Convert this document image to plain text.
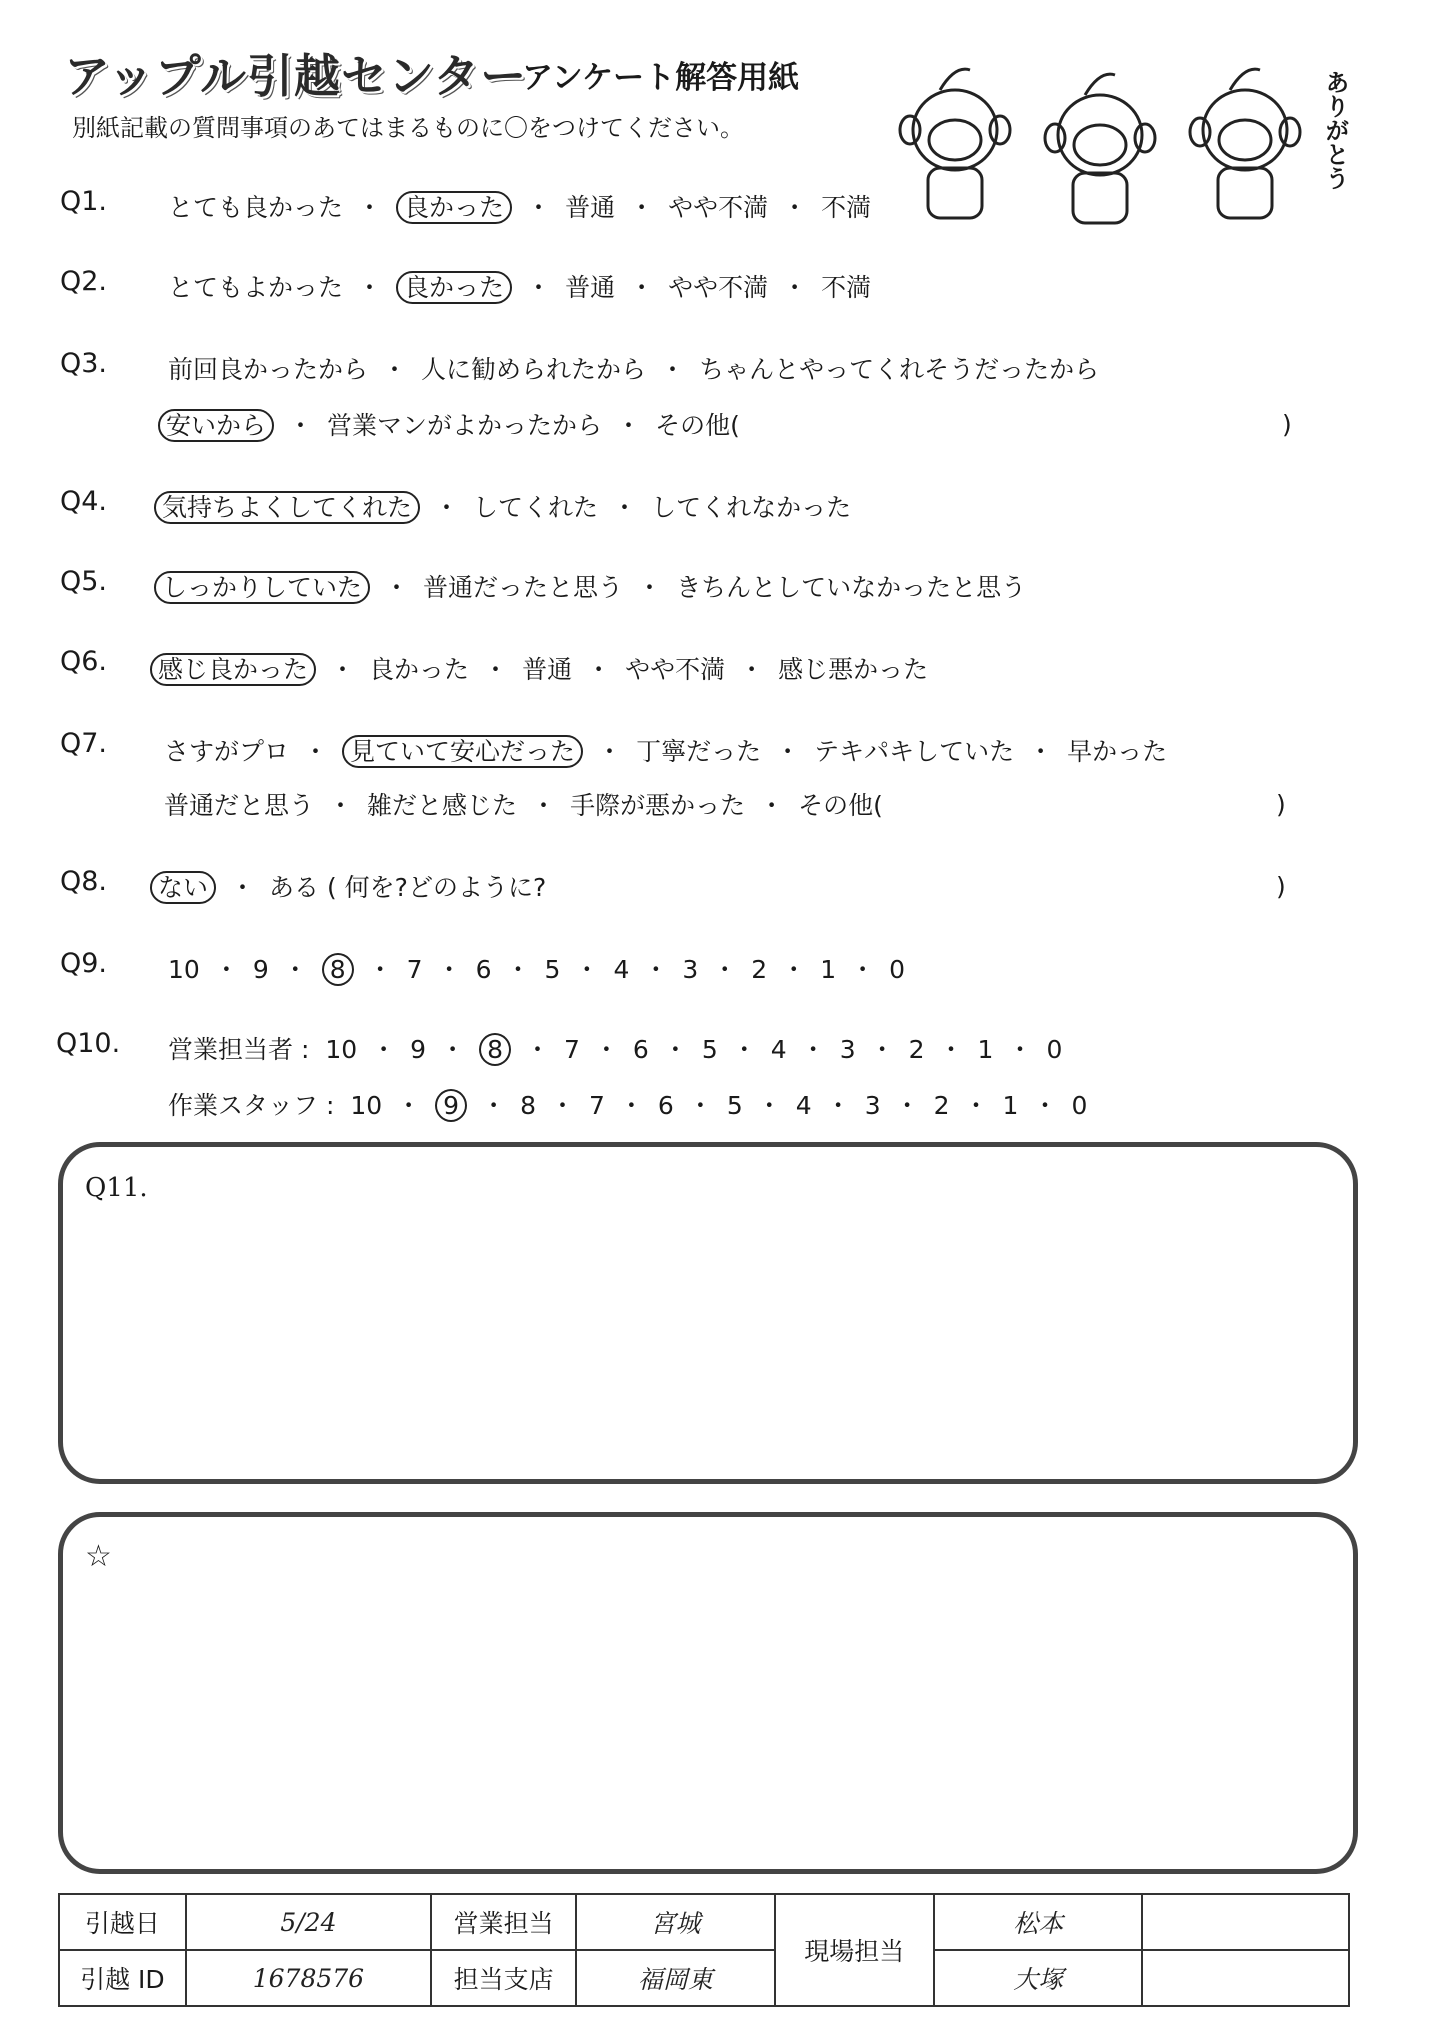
アップル引越センター
アンケート解答用紙
別紙記載の質問事項のあてはまるものに〇をつけてください。	ありがとう
Q1. とても良かった ・ 良かった ・ 普通 ・ やや不満 ・ 不満
Q2. とてもよかった ・ 良かった ・ 普通 ・ やや不満 ・ 不満
Q3. 前回良かったから ・ 人に勧められたから ・ ちゃんとやってくれそうだったから
安いから ・ 営業マンがよかったから ・ その他(	)
Q4.	気持ちよくしてくれた ・ してくれた ・ してくれなかった
Q5.	しっかりしていた ・ 普通だったと思う ・ きちんとしていなかったと思う
Q6.	感じ良かった ・ 良かった ・ 普通 ・ やや不満 ・ 感じ悪かった
Q7. さすがプロ ・ 見ていて安心だった ・ 丁寧だった ・ テキパキしていた ・ 早かった
普通だと思う ・ 雑だと感じた ・ 手際が悪かった ・ その他(	)
Q8.	ない ・ ある ( 何を?どのように?	)
Q9. 10 ・ 9 ・ 8 ・ 7 ・ 6 ・ 5 ・ 4 ・ 3 ・ 2 ・ 1 ・ 0
Q10. 営業担当者 : 10 ・ 9 ・ 8 ・ 7 ・ 6 ・ 5 ・ 4 ・ 3 ・ 2 ・ 1 ・ 0
作業スタッフ : 10 ・ 9 ・ 8 ・ 7 ・ 6 ・ 5 ・ 4 ・ 3 ・ 2 ・ 1 ・ 0
Q11.
☆
引越日	5/24	営業担当	宮城	現場担当	松本	
引越 ID	1678576	担当支店	福岡東		大塚	
